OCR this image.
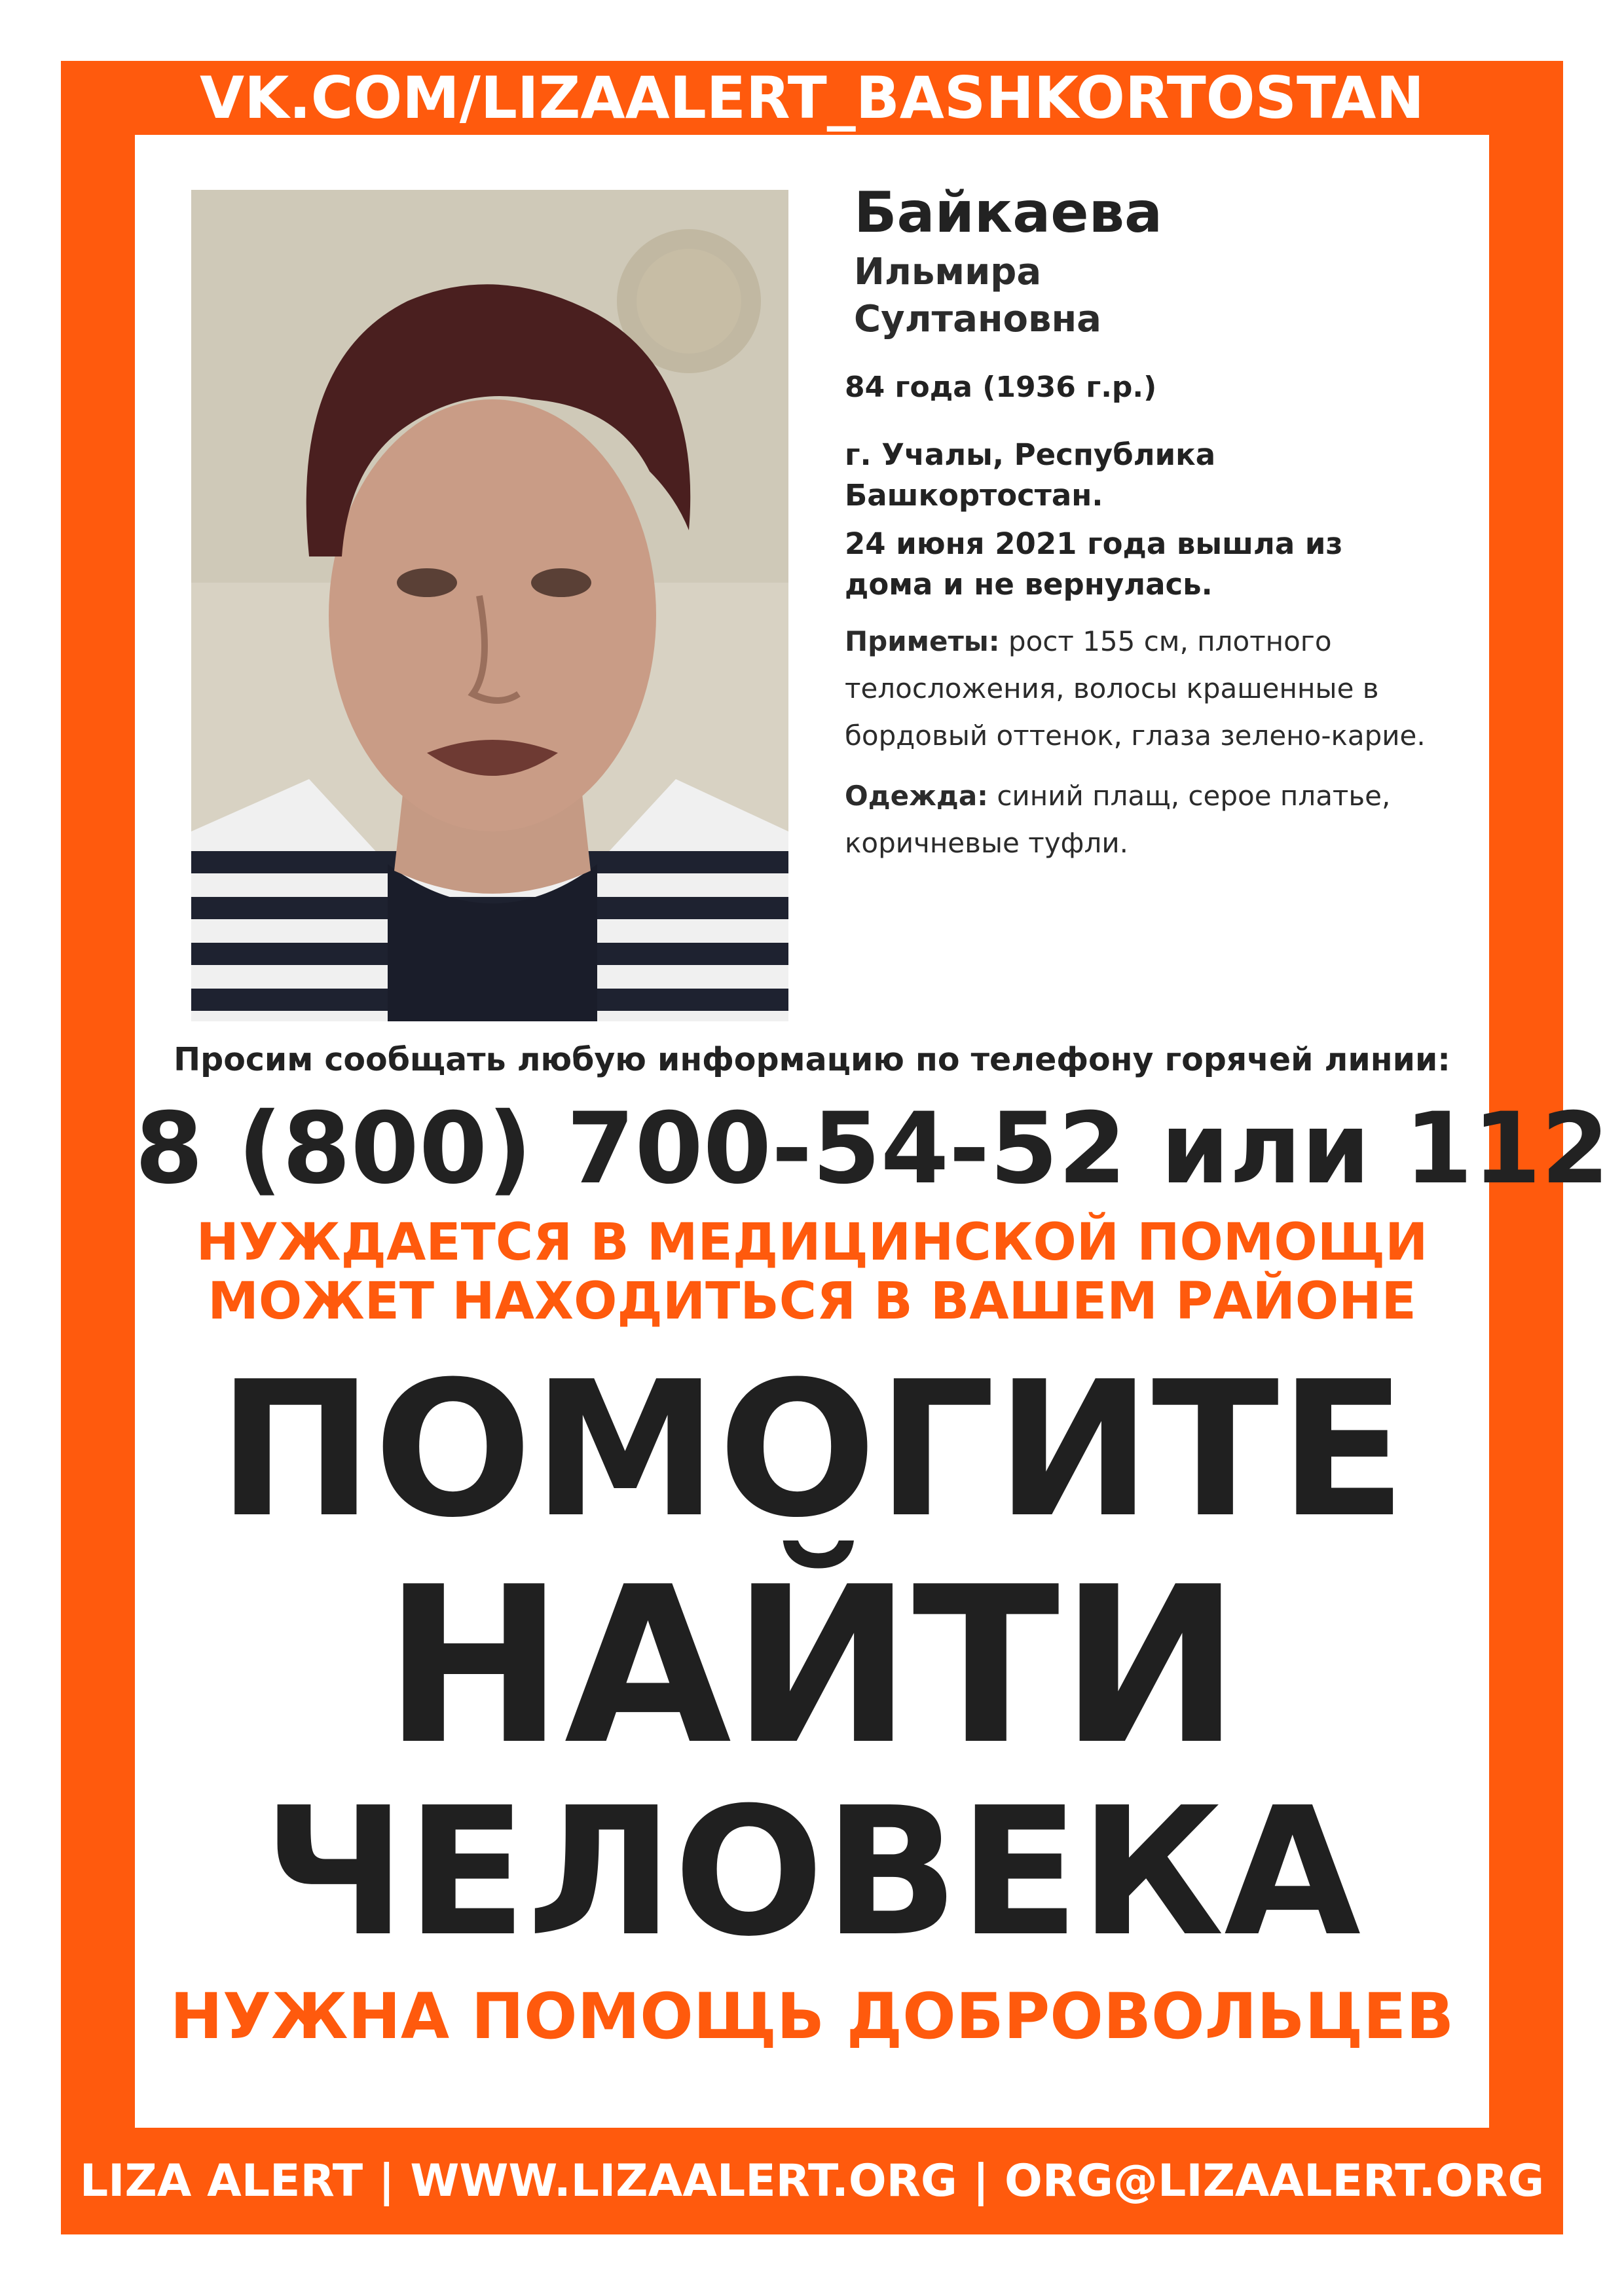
VK.COM/LIZAALERT_BASHKORTOSTAN
Байкаева
Ильмира
Султановна
84 года (1936 г.р.)
г. Учалы, Республика
Башкортостан.
24 июня 2021 года вышла из
дома и не вернулась.
Приметы: рост 155 см, плотного телосложения, волосы крашенные в бордовый оттенок, глаза зелено-карие.
Одежда: синий плащ, серое платье, коричневые туфли.
Просим сообщать любую информацию по телефону горячей линии:
8 (800) 700-54-52 или 112
НУЖДАЕТСЯ В МЕДИЦИНСКОЙ ПОМОЩИ
МОЖЕТ НАХОДИТЬСЯ В ВАШЕМ РАЙОНЕ
ПОМОГИТЕ
НАЙТИ
ЧЕЛОВЕКА
НУЖНА ПОМОЩЬ ДОБРОВОЛЬЦЕВ
LIZA ALERT | WWW.LIZAALERT.ORG | ORG@LIZAALERT.ORG
